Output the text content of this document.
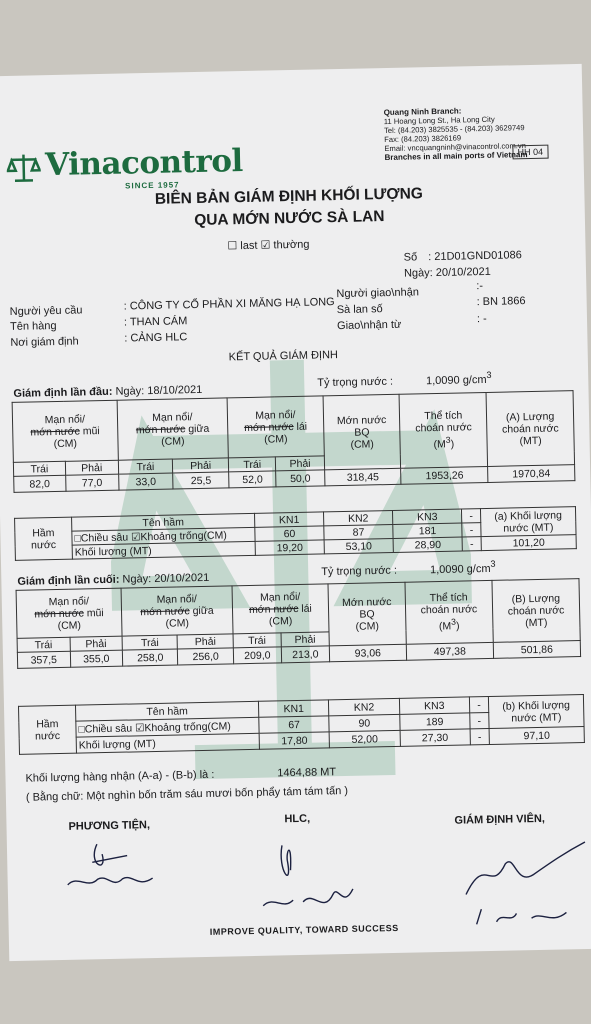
Vinacontrol
SINCE 1957
Quang Ninh Branch:
11 Hoang Long St., Ha Long City
Tel: (84.203) 3825535 - (84.203) 3629749
Fax: (84.203) 3826169
Email: vncquangninh@vinacontrol.com.vn
Branches in all main ports of Vietnam
HH 04
BIÊN BẢN GIÁM ĐỊNH KHỐI LƯỢNG
QUA MỚN NƯỚC SÀ LAN
☐ last ☑ thường
Số : 21D01GND01086
Ngày: 20/10/2021
Người yêu cầu	: CÔNG TY CỔ PHẦN XI MĂNG HẠ LONG
Tên hàng	: THAN CÁM
Nơi giám định	: CẢNG HLC
Người giao\nhận
:-
Sà lan số
: BN 1866
Giao\nhận từ	: -
KẾT QUẢ GIÁM ĐỊNH
Giám định lần đầu: Ngày: 18/10/2021
Tỷ trọng nước :	1,0090 $g/cm^3$
Mạn nổi/
mớn nước mũi
(CM)		Mạn nổi/
mớn nước giữa
(CM)		Mạn nổi/
mớn nước lái
(CM)		Mớn nước
BQ
(CM)	Thể tích
choán nước
$(M^3)$	(A) Lượng
choán nước
(MT)
Trái	Phải	Trái	Phải	Trái	Phải			
82,0	77,0	33,0	25,5	52,0	50,0	318,45	1953,26	1970,84
Hầm
nước	Tên hầm	KN1	KN2	KN3	-	(a) Khối lượng
nước (MT)
	□Chiều sâu ☑Khoảng trống(CM)	60	87	181	-	
	Khối lượng (MT)	19,20	53,10	28,90	-	101,20
Giám định lần cuối: Ngày: 20/10/2021
Tỷ trọng nước :	1,0090 $g/cm^3$
Mạn nổi/
mớn nước mũi
(CM)		Mạn nổi/
mớn nước giữa
(CM)		Mạn nổi/
mớn nước lái
(CM)		Mớn nước
BQ
(CM)	Thể tích
choán nước
$(M^3)$	(B) Lượng
choán nước
(MT)
Trái	Phải	Trái	Phải	Trái	Phải			
357,5	355,0	258,0	256,0	209,0	213,0	93,06	497,38	501,86
Hầm
nước	Tên hầm	KN1	KN2	KN3	-	(b) Khối lượng
nước (MT)
	□Chiều sâu ☑Khoảng trống(CM)	67	90	189	-	
	Khối lượng (MT)	17,80	52,00	27,30	-	97,10
Khối lượng hàng nhận (A-a) - (B-b) là :	1464,88 MT
( Bằng chữ: Một nghìn bốn trăm sáu mươi bốn phẩy tám tám tấn )
PHƯƠNG TIỆN,
HLC,	GIÁM ĐỊNH VIÊN,
IMPROVE QUALITY, TOWARD SUCCESS
